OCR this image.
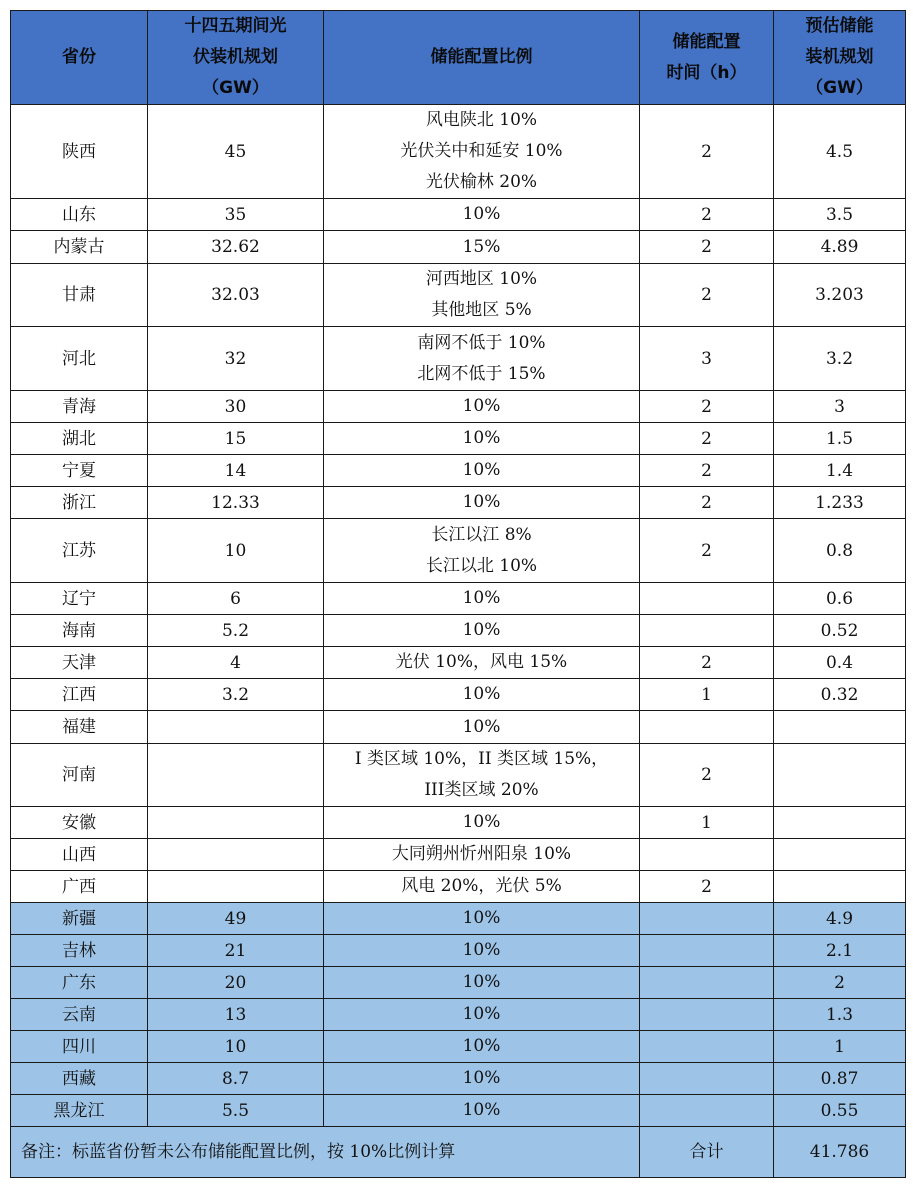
省份	十四五期间光
伏装机规划
（GW）	储能配置比例	储能配置
时间（h）	预估储能
装机规划
（GW）

陕西	45	风电陕北 10%
光伏关中和延安 10%
光伏榆林 20%	2	4.5
山东	35	10%	2	3.5
内蒙古	32.62	15%	2	4.89
甘肃	32.03	河西地区 10%
其他地区 5%	2	3.203
河北	32	南网不低于 10%
北网不低于 15%	3	3.2
青海	30	10%	2	3
湖北	15	10%	2	1.5
宁夏	14	10%	2	1.4
浙江	12.33	10%	2	1.233
江苏	10	长江以江 8%
长江以北 10%	2	0.8
辽宁	6	10%		0.6
海南	5.2	10%		0.52
天津	4	光伏 10%，风电 15%	2	0.4
江西	3.2	10%	1	0.32
福建		10%		

河南		I 类区域 10%，II 类区域 15%，
III类区域 20%	2	
安徽		10%	1	
山西		大同朔州忻州阳泉 10%		

广西		风电 20%，光伏 5%	2	
新疆	49	10%		4.9
吉林	21	10%		2.1
广东	20	10%		2
云南	13	10%		1.3
四川	10	10%		1
西藏	8.7	10%		0.87
黑龙江	5.5	10%		0.55
备注：标蓝省份暂未公布储能配置比例，按 10%比例计算			合计	41.786
